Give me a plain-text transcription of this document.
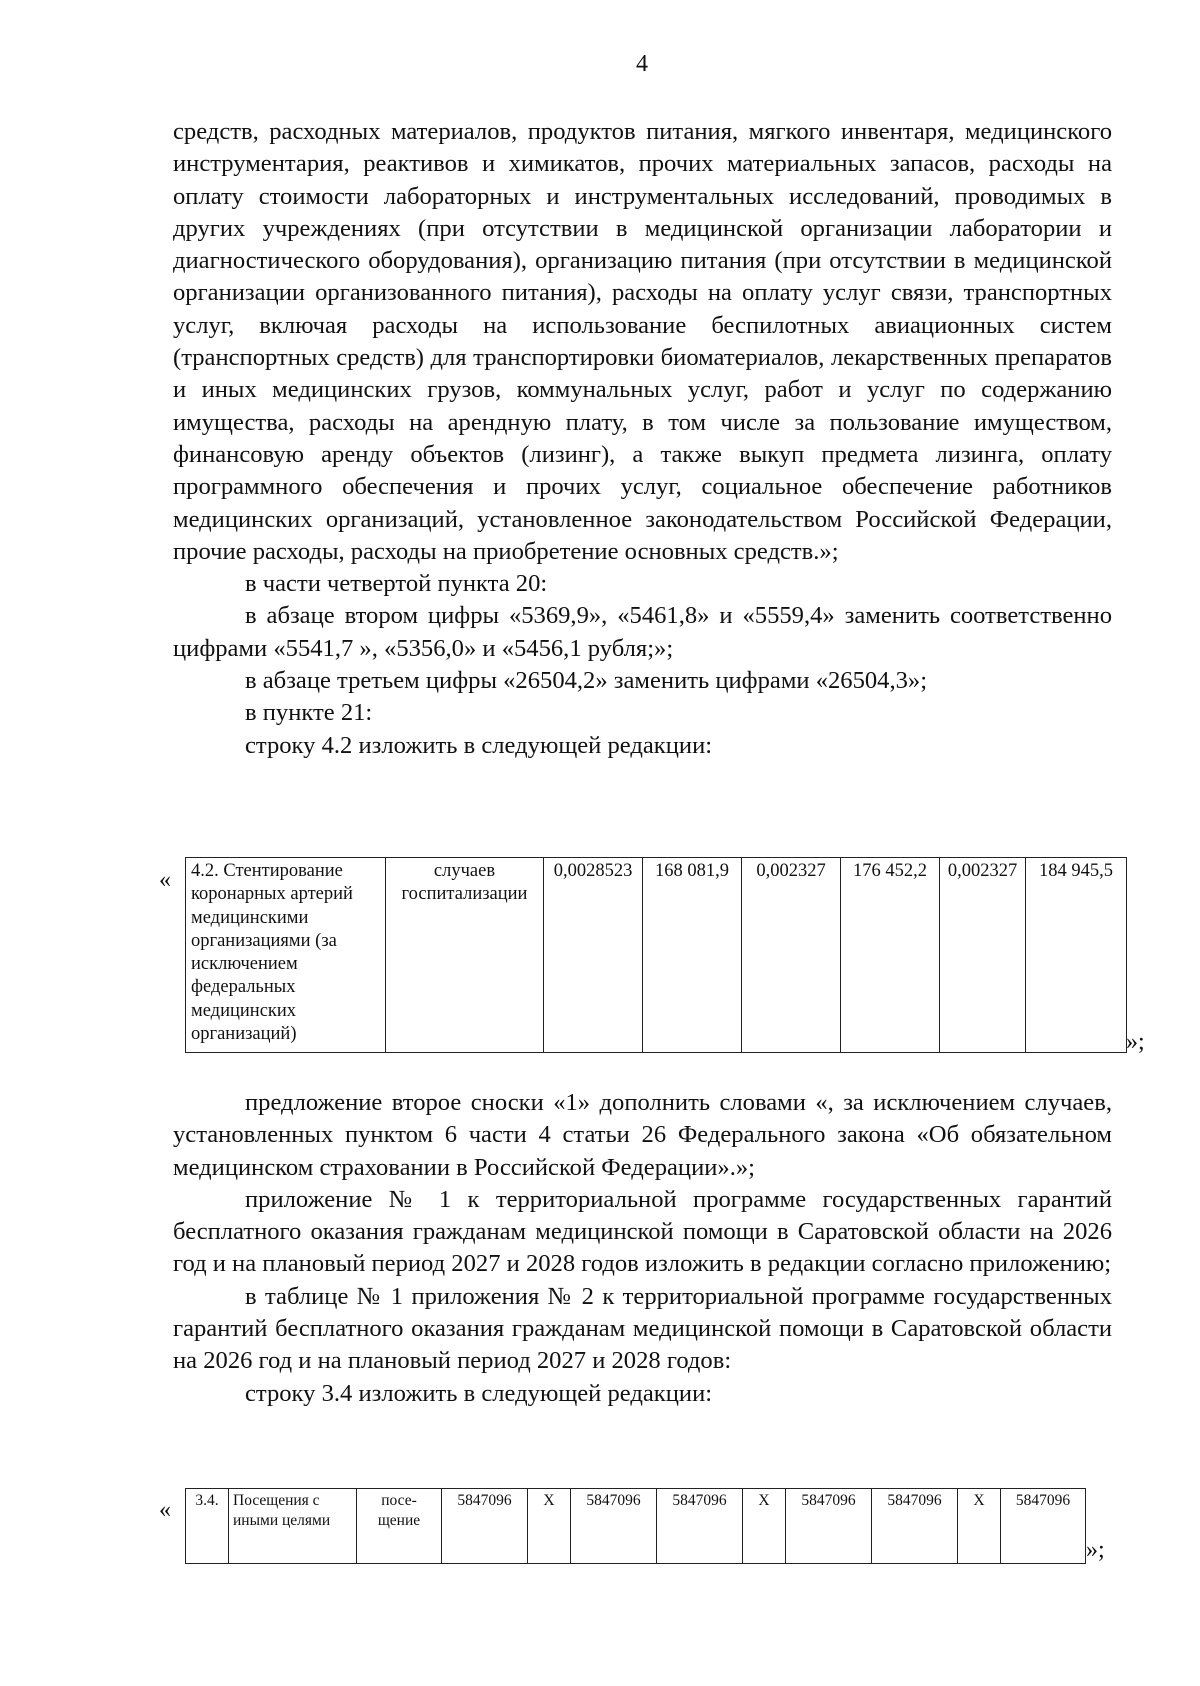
4

средств, расходных материалов, продуктов питания, мягкого инвентаря, медицинского инструментария, реактивов и химикатов, прочих материальных запасов, расходы на оплату стоимости лабораторных и инструментальных исследований, проводимых в других учреждениях (при отсутствии в медицинской организации лаборатории и диагностического оборудования), организацию питания (при отсутствии в медицинской организации организованного питания), расходы на оплату услуг связи, транспортных услуг, включая расходы на использование беспилотных авиационных систем (транспортных средств) для транспортировки биоматериалов, лекарственных препаратов и иных медицинских грузов, коммунальных услуг, работ и услуг по содержанию имущества, расходы на арендную плату, в том числе за пользование имуществом, финансовую аренду объектов (лизинг), а также выкуп предмета лизинга, оплату программного обеспечения и прочих услуг, социальное обеспечение работников медицинских организаций, установленное законодательством Российской Федерации, прочие расходы, расходы на приобретение основных средств.»;

в части четвертой пункта 20:

в абзаце втором цифры «5369,9», «5461,8» и «5559,4» заменить соответственно цифрами «5541,7 », «5356,0» и «5456,1 рубля;»;

в абзаце третьем цифры «26504,2» заменить цифрами «26504,3»;

в пункте 21:

строку 4.2 изложить в следующей редакции:

« 4.2. Стентирование коронарных артерий медицинскими организациями (за исключением федеральных медицинских организаций)	случаев госпитализации	0,0028523	168 081,9	0,002327	176 452,2	0,002327	184 945,5
»;

предложение второе сноски «1» дополнить словами «, за исключением случаев, установленных пунктом 6 части 4 статьи 26 Федерального закона «Об обязательном медицинском страховании в Российской Федерации».»;

приложение № 1 к территориальной программе государственных гарантий бесплатного оказания гражданам медицинской помощи в Саратовской области на 2026 год и на плановый период 2027 и 2028 годов изложить в редакции согласно приложению;

в таблице № 1 приложения № 2 к территориальной программе государственных гарантий бесплатного оказания гражданам медицинской помощи в Саратовской области на 2026 год и на плановый период 2027 и 2028 годов:

строку 3.4 изложить в следующей редакции:

« 3.4.	Посещения с иными целями	посе- щение	5847096	X	5847096	5847096	X	5847096	5847096	X	5847096
»;
